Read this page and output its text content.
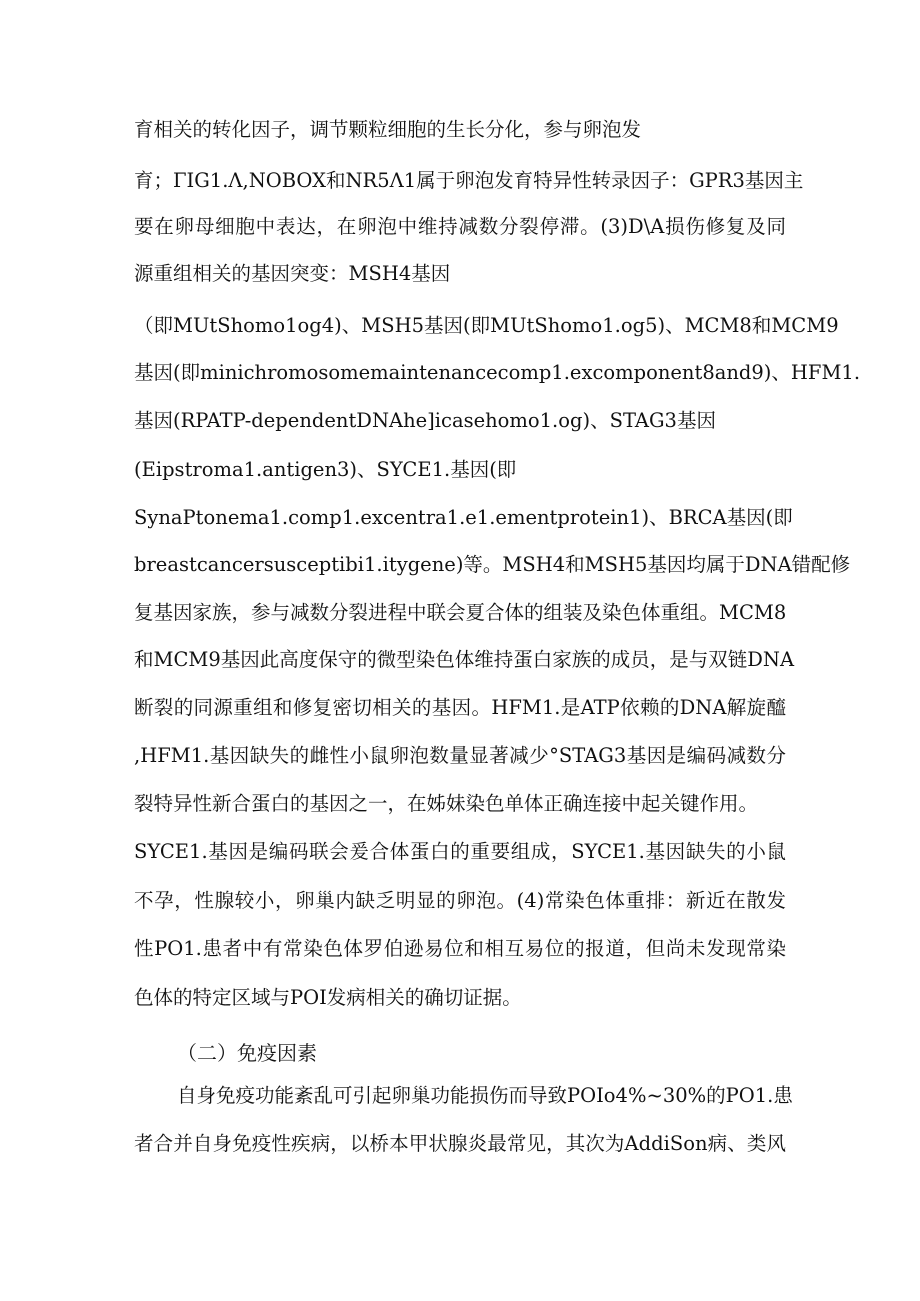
育相关的转化因子，调节颗粒细胞的生长分化，参与卵泡发
育；ΓIG1.Λ,NOBOX和NR5Λ1属于卵泡发育特异性转录因子：GPR3基因主
要在卵母细胞中表达，在卵泡中维持减数分裂停滞。(3)D\A损伤修复及同
源重组相关的基因突变：MSH4基因
（即MUtShomo1og4)、MSH5基因(即MUtShomo1.og5)、MCM8和MCM9
基因(即minichromosomemaintenancecomp1.excomponent8and9)、HFM1.
基因(RPATP-dependentDNAhe]icasehomo1.og)、STAG3基因
(Eipstroma1.antigen3)、SYCE1.基因(即
SynaPtonema1.comp1.excentra1.e1.ementprotein1)、BRCA基因(即
breastcancersusceptibi1.itygene)等。MSH4和MSH5基因均属于DNA错配修
复基因家族，参与减数分裂进程中联会夏合体的组装及染色体重组。MCM8
和MCM9基因此高度保守的微型染色体维持蛋白家族的成员，是与双链DNA
断裂的同源重组和修复密切相关的基因。HFM1.是ATP依赖的DNA解旋醯
,HFM1.基因缺失的雌性小鼠卵泡数量显著减少°STAG3基因是编码减数分
裂特异性新合蛋白的基因之一，在姊妹染色单体正确连接中起关键作用。
SYCE1.基因是编码联会爰合体蛋白的重要组成，SYCE1.基因缺失的小鼠
不孕，性腺较小，卵巢内缺乏明显的卵泡。(4)常染色体重排：新近在散发
性PO1.患者中有常染色体罗伯逊易位和相互易位的报道，但尚未发现常染
色体的特定区域与POI发病相关的确切证据。
（二）免疫因素
自身免疫功能紊乱可引起卵巢功能损伤而导致POIo4%~30%的PO1.患
者合并自身免疫性疾病，以桥本甲状腺炎最常见，其次为AddiSon病、类风
